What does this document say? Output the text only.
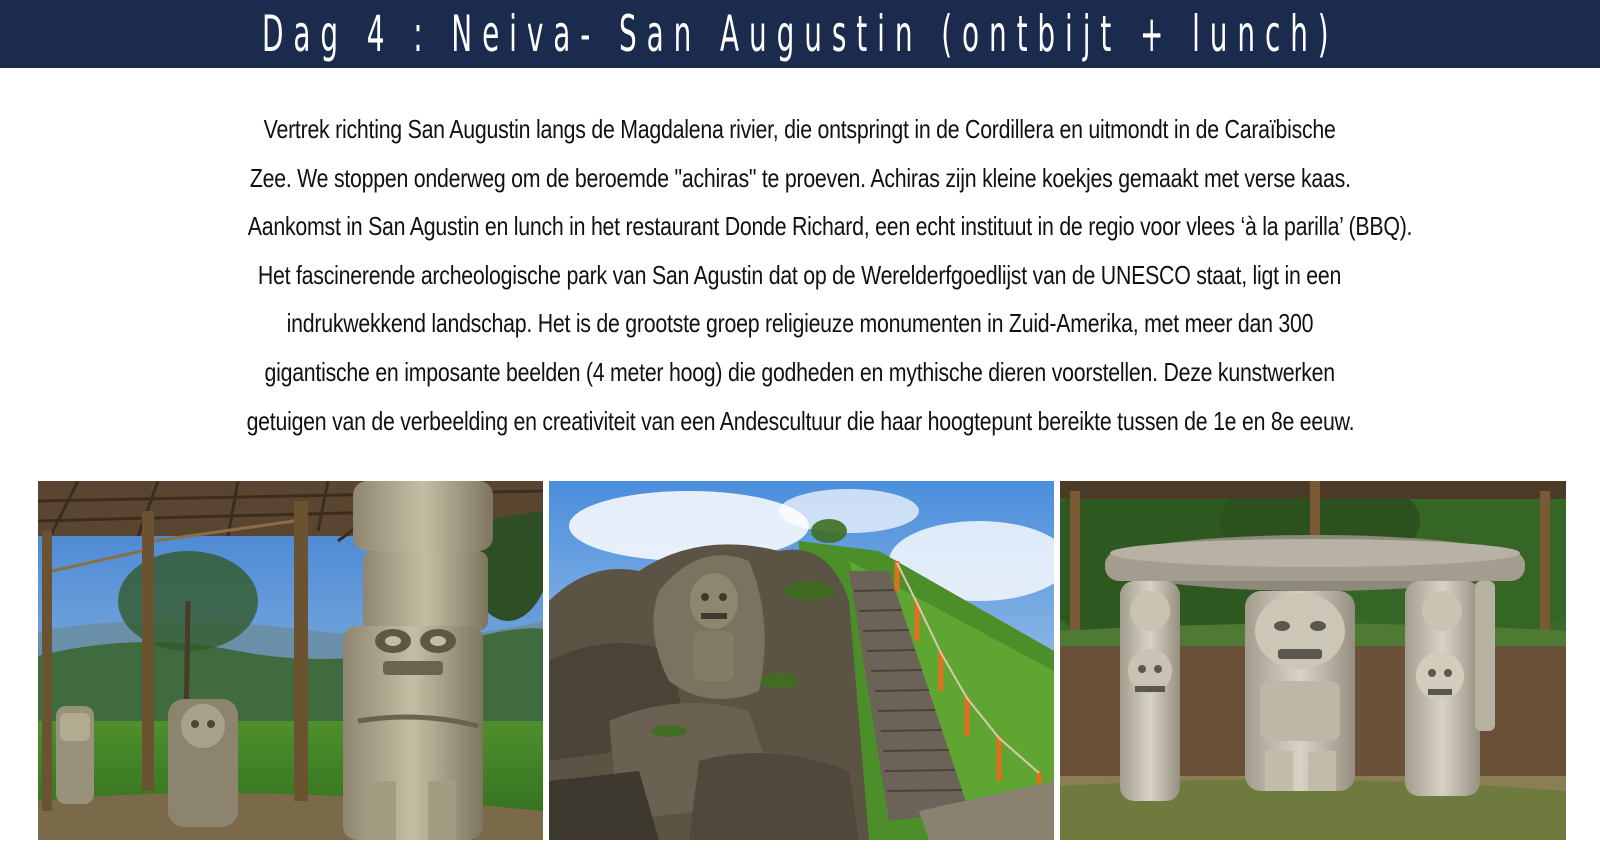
Dag 4 : Neiva- San Augustin (ontbijt + lunch)
Vertrek richting San Augustin langs de Magdalena rivier, die ontspringt in de Cordillera en uitmondt in de Caraïbische
Zee. We stoppen onderweg om de beroemde "achiras" te proeven. Achiras zijn kleine koekjes gemaakt met verse kaas.
Aankomst in San Agustin en lunch in het restaurant Donde Richard, een echt instituut in de regio voor vlees ‘à la parilla’ (BBQ).
Het fascinerende archeologische park van San Agustin dat op de Werelderfgoedlijst van de UNESCO staat, ligt in een
indrukwekkend landschap. Het is de grootste groep religieuze monumenten in Zuid-Amerika, met meer dan 300
gigantische en imposante beelden (4 meter hoog) die godheden en mythische dieren voorstellen. Deze kunstwerken
getuigen van de verbeelding en creativiteit van een Andescultuur die haar hoogtepunt bereikte tussen de 1e en 8e eeuw.
